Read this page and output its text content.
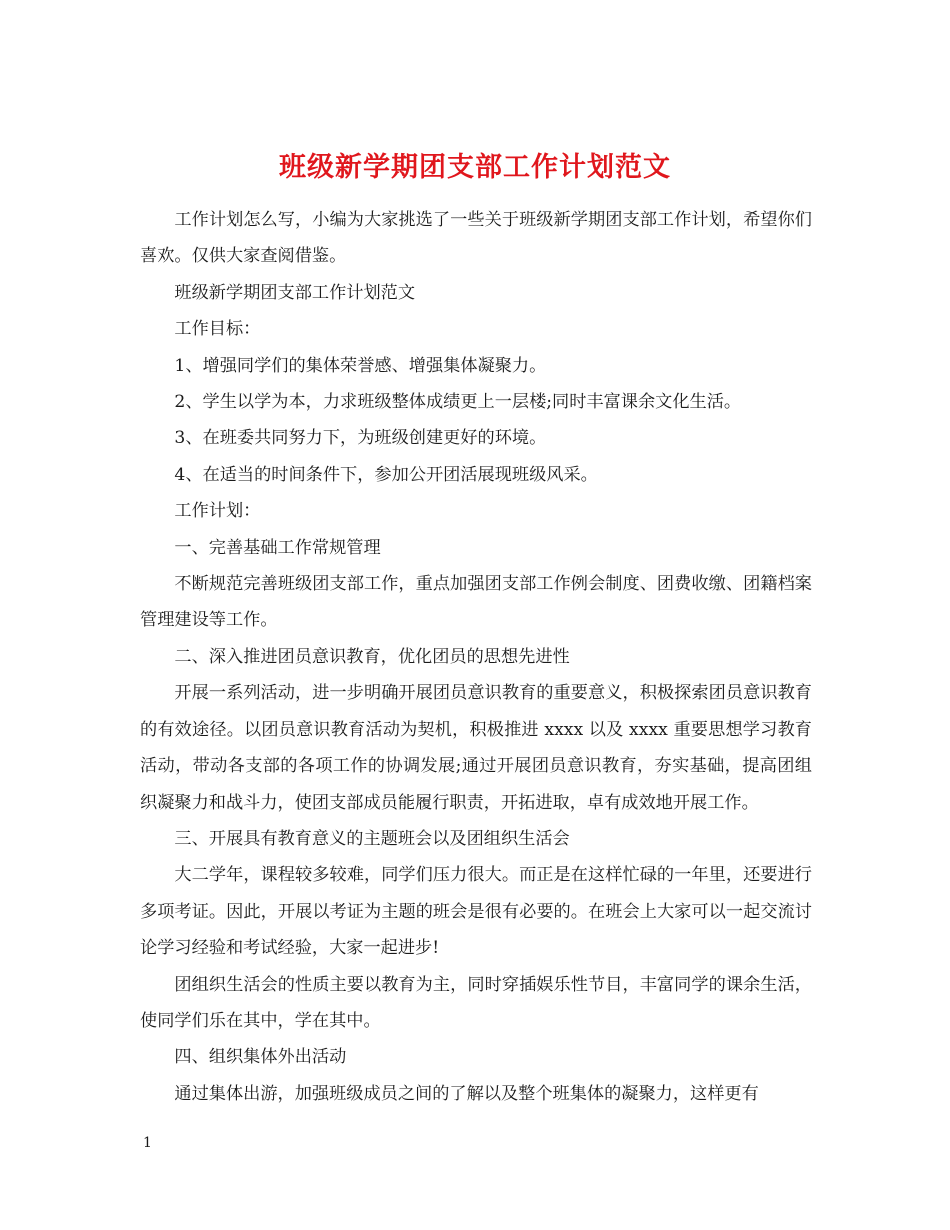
班级新学期团支部工作计划范文

工作计划怎么写，小编为大家挑选了一些关于班级新学期团支部工作计划，希望你们喜欢。仅供大家查阅借鉴。

班级新学期团支部工作计划范文

工作目标：

1、增强同学们的集体荣誉感、增强集体凝聚力。

2、学生以学为本，力求班级整体成绩更上一层楼;同时丰富课余文化生活。

3、在班委共同努力下，为班级创建更好的环境。

4、在适当的时间条件下，参加公开团活展现班级风采。

工作计划：

一、完善基础工作常规管理

不断规范完善班级团支部工作，重点加强团支部工作例会制度、团费收缴、团籍档案管理建设等工作。

二、深入推进团员意识教育，优化团员的思想先进性

开展一系列活动，进一步明确开展团员意识教育的重要意义，积极探索团员意识教育的有效途径。以团员意识教育活动为契机，积极推进 xxxx 以及 xxxx 重要思想学习教育活动，带动各支部的各项工作的协调发展;通过开展团员意识教育，夯实基础，提高团组织凝聚力和战斗力，使团支部成员能履行职责，开拓进取，卓有成效地开展工作。

三、开展具有教育意义的主题班会以及团组织生活会

大二学年，课程较多较难，同学们压力很大。而正是在这样忙碌的一年里，还要进行多项考证。因此，开展以考证为主题的班会是很有必要的。在班会上大家可以一起交流讨论学习经验和考试经验，大家一起进步!

团组织生活会的性质主要以教育为主，同时穿插娱乐性节目，丰富同学的课余生活，使同学们乐在其中，学在其中。

四、组织集体外出活动

通过集体出游，加强班级成员之间的了解以及整个班集体的凝聚力，这样更有

1
